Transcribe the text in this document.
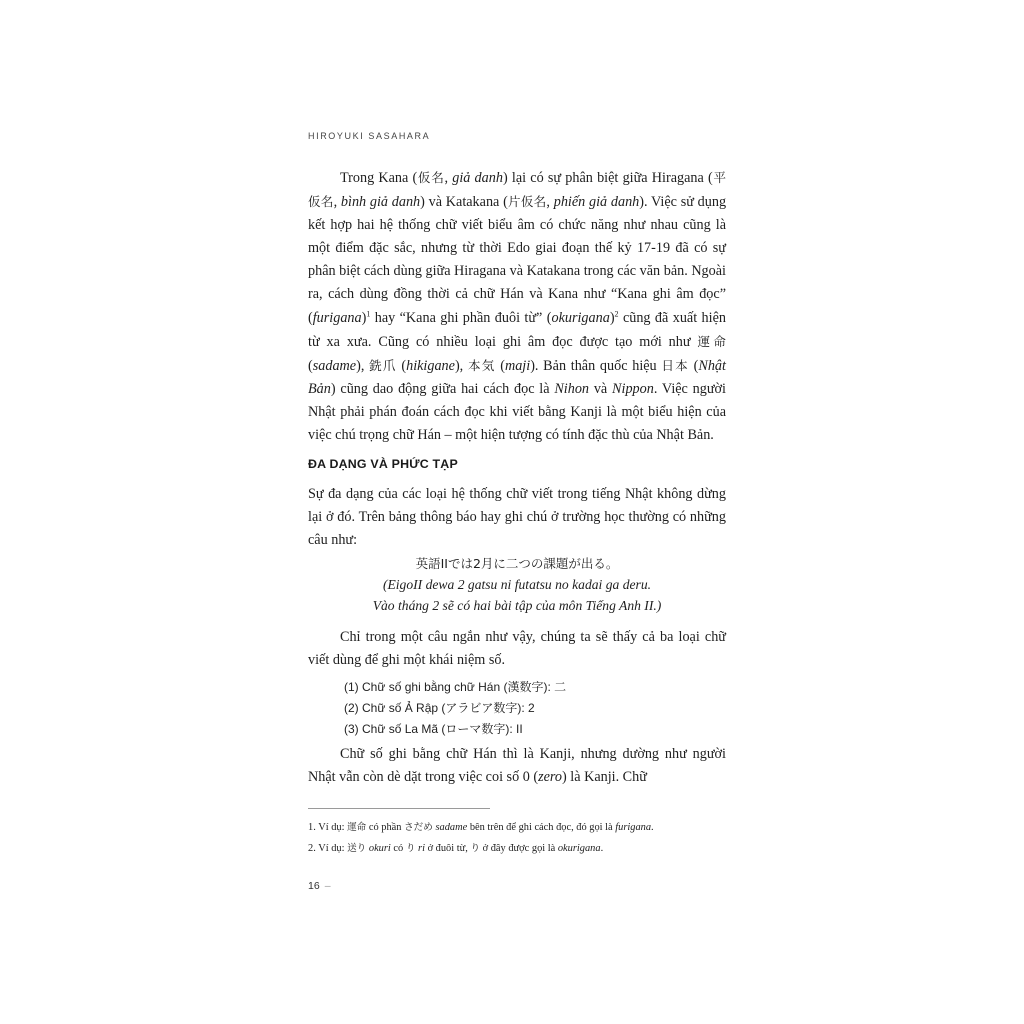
HIROYUKI SASAHARA

Trong Kana (仮名, giả danh) lại có sự phân biệt giữa Hiragana (平仮名, bình giả danh) và Katakana (片仮名, phiến giả danh). Việc sử dụng kết hợp hai hệ thống chữ viết biểu âm có chức năng như nhau cũng là một điểm đặc sắc, nhưng từ thời Edo giai đoạn thế kỷ 17-19 đã có sự phân biệt cách dùng giữa Hiragana và Katakana trong các văn bản. Ngoài ra, cách dùng đồng thời cả chữ Hán và Kana như “Kana ghi âm đọc” (furigana)$^1$ hay “Kana ghi phần đuôi từ” (okurigana)$^2$ cũng đã xuất hiện từ xa xưa. Cũng có nhiều loại ghi âm đọc được tạo mới như 運命 (sadame), 銑爪 (hikigane), 本気 (maji). Bản thân quốc hiệu 日本 (Nhật Bản) cũng dao động giữa hai cách đọc là Nihon và Nippon. Việc người Nhật phải phán đoán cách đọc khi viết bằng Kanji là một biểu hiện của việc chú trọng chữ Hán – một hiện tượng có tính đặc thù của Nhật Bản.

ĐA DẠNG VÀ PHỨC TẠP

Sự đa dạng của các loại hệ thống chữ viết trong tiếng Nhật không dừng lại ở đó. Trên bảng thông báo hay ghi chú ở trường học thường có những câu như:

英語IIでは2月に二つの課題が出る。
(EigoII dewa 2 gatsu ni futatsu no kadai ga deru.
Vào tháng 2 sẽ có hai bài tập của môn Tiếng Anh II.)

Chỉ trong một câu ngắn như vậy, chúng ta sẽ thấy cả ba loại chữ viết dùng để ghi một khái niệm số.

(1) Chữ số ghi bằng chữ Hán (漢数字): 二
(2) Chữ số Ả Rập (アラビア数字): 2
(3) Chữ số La Mã (ローマ数字): II

Chữ số ghi bằng chữ Hán thì là Kanji, nhưng dường như người Nhật vẫn còn dè dặt trong việc coi số 0 (zero) là Kanji. Chữ

1. Ví dụ: 運命 có phần さだめ sadame bên trên để ghi cách đọc, đó gọi là furigana.
2. Ví dụ: 送り okuri có り ri ở đuôi từ, り ở đây được gọi là okurigana.
16 –
